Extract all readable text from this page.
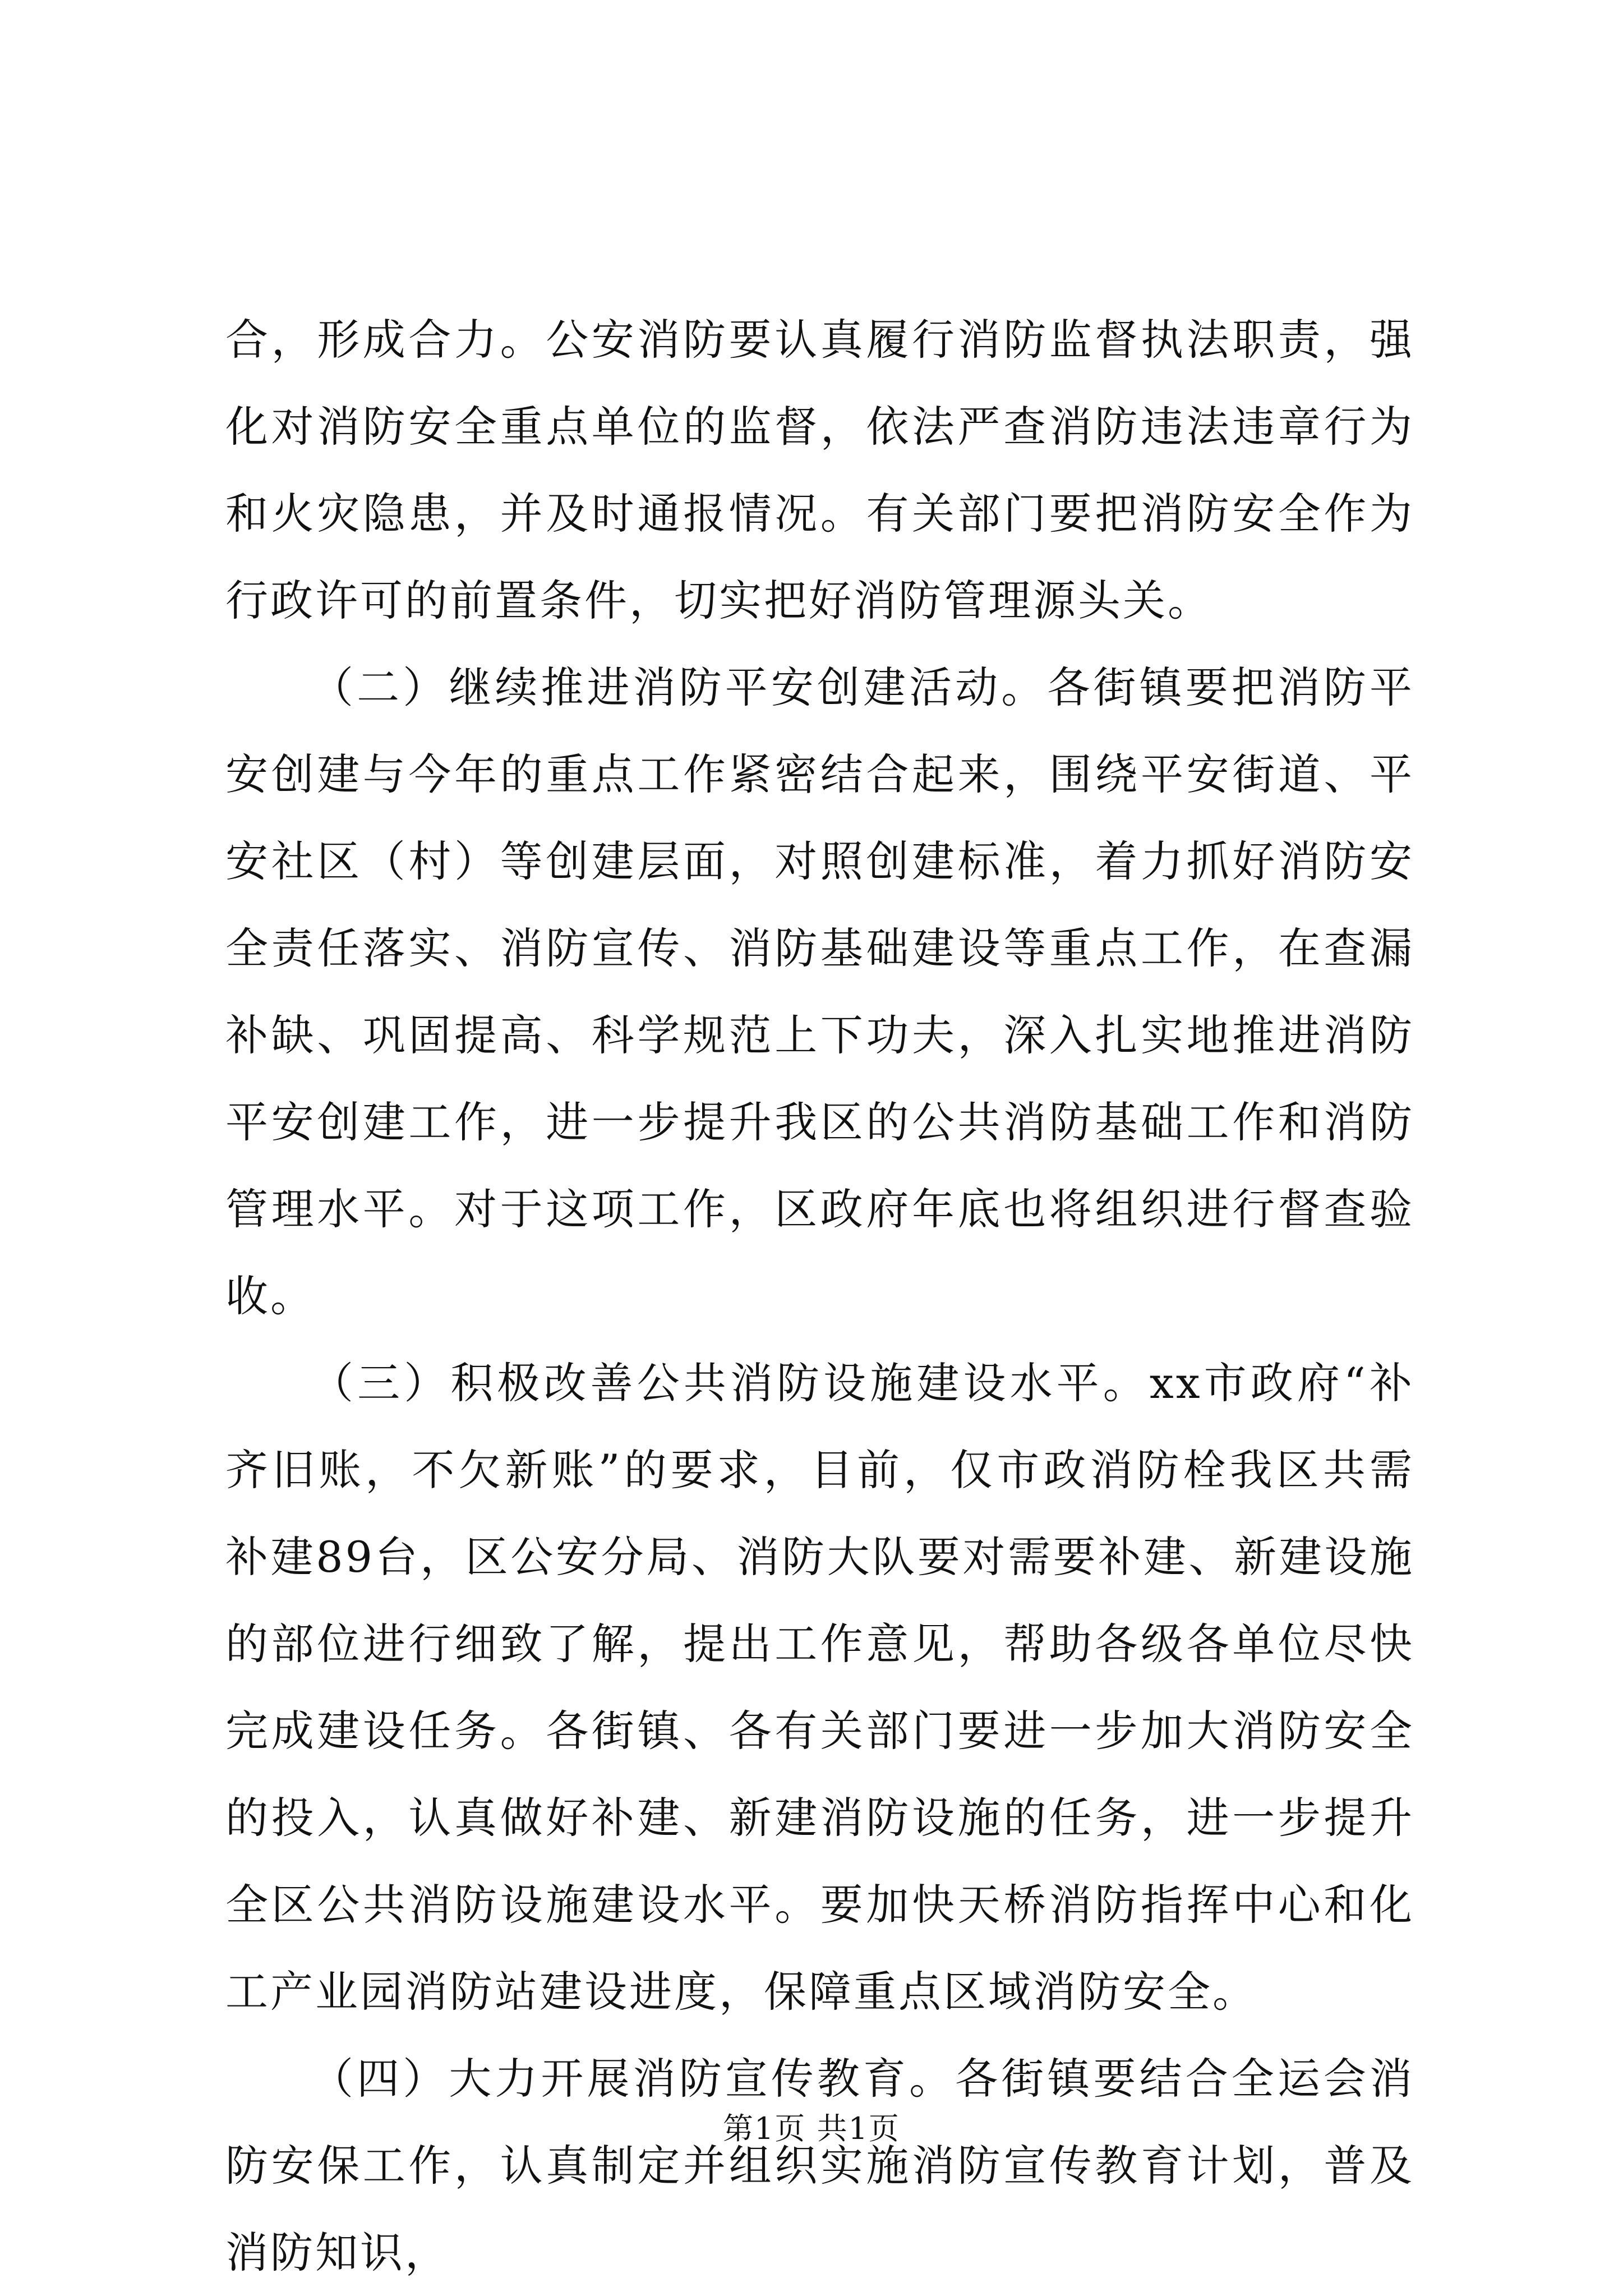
合，形成合力。公安消防要认真履行消防监督执法职责，强化对消防安全重点单位的监督，依法严查消防违法违章行为和火灾隐患，并及时通报情况。有关部门要把消防安全作为行政许可的前置条件，切实把好消防管理源头关。

（二）继续推进消防平安创建活动。各街镇要把消防平安创建与今年的重点工作紧密结合起来，围绕平安街道、平安社区（村）等创建层面，对照创建标准，着力抓好消防安全责任落实、消防宣传、消防基础建设等重点工作，在查漏补缺、巩固提高、科学规范上下功夫，深入扎实地推进消防平安创建工作，进一步提升我区的公共消防基础工作和消防管理水平。对于这项工作，区政府年底也将组织进行督查验收。

（三）积极改善公共消防设施建设水平。xx市政府“补齐旧账，不欠新账”的要求，目前，仅市政消防栓我区共需补建89台，区公安分局、消防大队要对需要补建、新建设施的部位进行细致了解，提出工作意见，帮助各级各单位尽快完成建设任务。各街镇、各有关部门要进一步加大消防安全的投入，认真做好补建、新建消防设施的任务，进一步提升全区公共消防设施建设水平。要加快天桥消防指挥中心和化工产业园消防站建设进度，保障重点区域消防安全。

（四）大力开展消防宣传教育。各街镇要结合全运会消防安保工作，认真制定并组织实施消防宣传教育计划，普及消防知识，

第1页 共1页
